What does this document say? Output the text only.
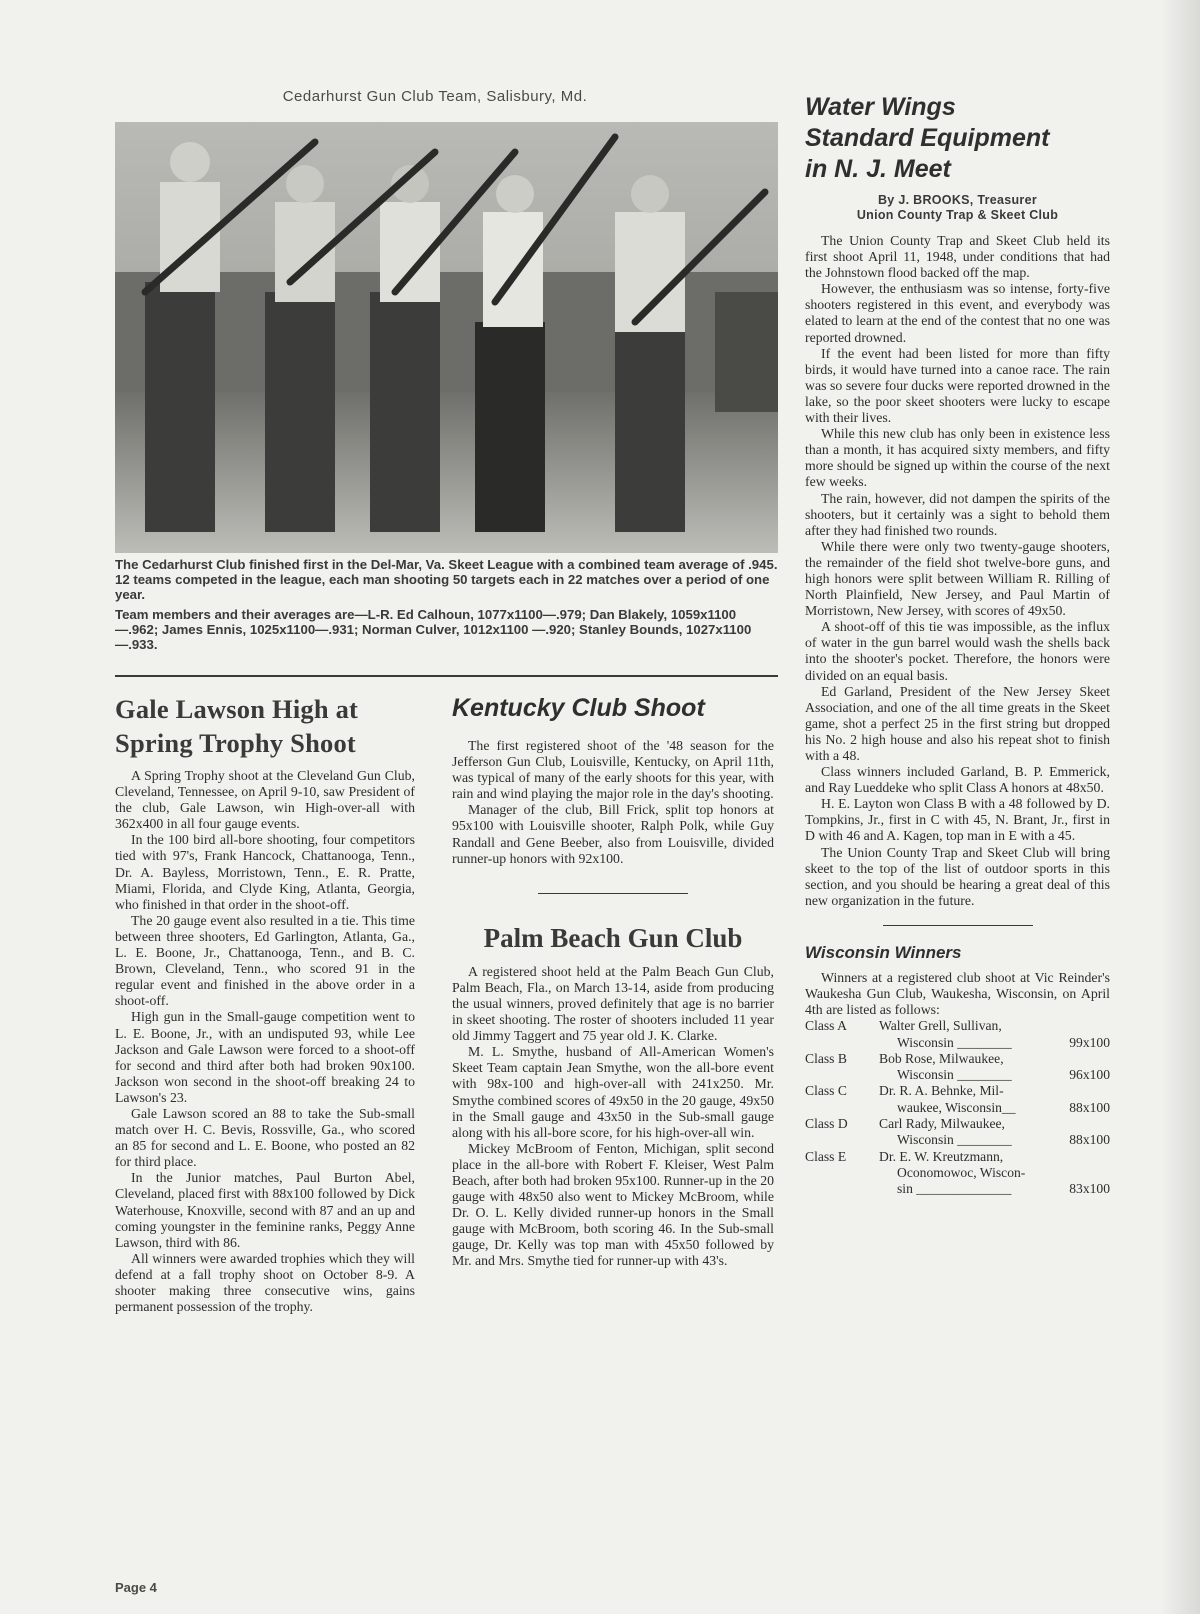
Cedarhurst Gun Club Team, Salisbury, Md.
The Cedarhurst Club finished first in the Del-Mar, Va. Skeet League with a combined team average of .945. 12 teams competed in the league, each man shooting 50 targets each in 22 matches over a period of one year.
Team members and their averages are—L-R. Ed Calhoun, 1077x1100—.979; Dan Blakely, 1059x1100—.962; James Ennis, 1025x1100—.931; Norman Culver, 1012x1100 —.920; Stanley Bounds, 1027x1100—.933.
Gale Lawson High at
Spring Trophy Shoot

A Spring Trophy shoot at the Cleveland Gun Club, Cleveland, Tennessee, on April 9-10, saw President of the club, Gale Lawson, win High-over-all with 362x400 in all four gauge events.

In the 100 bird all-bore shooting, four competitors tied with 97's, Frank Hancock, Chattanooga, Tenn., Dr. A. Bayless, Morristown, Tenn., E. R. Pratte, Miami, Florida, and Clyde King, Atlanta, Georgia, who finished in that order in the shoot-off.

The 20 gauge event also resulted in a tie. This time between three shooters, Ed Garlington, Atlanta, Ga., L. E. Boone, Jr., Chattanooga, Tenn., and B. C. Brown, Cleveland, Tenn., who scored 91 in the regular event and finished in the above order in a shoot-off.

High gun in the Small-gauge competition went to L. E. Boone, Jr., with an undisputed 93, while Lee Jackson and Gale Lawson were forced to a shoot-off for second and third after both had broken 90x100. Jackson won second in the shoot-off breaking 24 to Lawson's 23.

Gale Lawson scored an 88 to take the Sub-small match over H. C. Bevis, Rossville, Ga., who scored an 85 for second and L. E. Boone, who posted an 82 for third place.

In the Junior matches, Paul Burton Abel, Cleveland, placed first with 88x100 followed by Dick Waterhouse, Knoxville, second with 87 and an up and coming youngster in the feminine ranks, Peggy Anne Lawson, third with 86.

All winners were awarded trophies which they will defend at a fall trophy shoot on October 8-9. A shooter making three consecutive wins, gains permanent possession of the trophy.

Kentucky Club Shoot

The first registered shoot of the '48 season for the Jefferson Gun Club, Louisville, Kentucky, on April 11th, was typical of many of the early shoots for this year, with rain and wind playing the major role in the day's shooting.

Manager of the club, Bill Frick, split top honors at 95x100 with Louisville shooter, Ralph Polk, while Guy Randall and Gene Beeber, also from Louisville, divided runner-up honors with 92x100.

Palm Beach Gun Club

A registered shoot held at the Palm Beach Gun Club, Palm Beach, Fla., on March 13-14, aside from producing the usual winners, proved definitely that age is no barrier in skeet shooting. The roster of shooters included 11 year old Jimmy Taggert and 75 year old J. K. Clarke.

M. L. Smythe, husband of All-American Women's Skeet Team captain Jean Smythe, won the all-bore event with 98x-100 and high-over-all with 241x250. Mr. Smythe combined scores of 49x50 in the 20 gauge, 49x50 in the Small gauge and 43x50 in the Sub-small gauge along with his all-bore score, for his high-over-all win.

Mickey McBroom of Fenton, Michigan, split second place in the all-bore with Robert F. Kleiser, West Palm Beach, after both had broken 95x100. Runner-up in the 20 gauge with 48x50 also went to Mickey McBroom, while Dr. O. L. Kelly divided runner-up honors in the Small gauge with McBroom, both scoring 46. In the Sub-small gauge, Dr. Kelly was top man with 45x50 followed by Mr. and Mrs. Smythe tied for runner-up with 43's.

Water Wings
Standard Equipment
in N. J. Meet
By J. BROOKS, Treasurer
Union County Trap & Skeet Club

The Union County Trap and Skeet Club held its first shoot April 11, 1948, under conditions that had the Johnstown flood backed off the map.

However, the enthusiasm was so intense, forty-five shooters registered in this event, and everybody was elated to learn at the end of the contest that no one was reported drowned.

If the event had been listed for more than fifty birds, it would have turned into a canoe race. The rain was so severe four ducks were reported drowned in the lake, so the poor skeet shooters were lucky to escape with their lives.

While this new club has only been in existence less than a month, it has acquired sixty members, and fifty more should be signed up within the course of the next few weeks.

The rain, however, did not dampen the spirits of the shooters, but it certainly was a sight to behold them after they had finished two rounds.

While there were only two twenty-gauge shooters, the remainder of the field shot twelve-bore guns, and high honors were split between William R. Rilling of North Plainfield, New Jersey, and Paul Martin of Morristown, New Jersey, with scores of 49x50.

A shoot-off of this tie was impossible, as the influx of water in the gun barrel would wash the shells back into the shooter's pocket. Therefore, the honors were divided on an equal basis.

Ed Garland, President of the New Jersey Skeet Association, and one of the all time greats in the Skeet game, shot a perfect 25 in the first string but dropped his No. 2 high house and also his repeat shot to finish with a 48.

Class winners included Garland, B. P. Emmerick, and Ray Lueddeke who split Class A honors at 48x50.

H. E. Layton won Class B with a 48 followed by D. Tompkins, Jr., first in C with 45, N. Brant, Jr., first in D with 46 and A. Kagen, top man in E with a 45.

The Union County Trap and Skeet Club will bring skeet to the top of the list of outdoor sports in this section, and you should be hearing a great deal of this new organization in the future.

Wisconsin Winners

Winners at a registered club shoot at Vic Reinder's Waukesha Gun Club, Waukesha, Wisconsin, on April 4th are listed as follows:

Class A	Walter Grell, Sullivan,
Wisconsin ________	99x100
Class B	Bob Rose, Milwaukee,
Wisconsin ________	96x100
Class C	Dr. R. A. Behnke, Mil-
waukee, Wisconsin__	88x100
Class D	Carl Rady, Milwaukee,
Wisconsin ________	88x100
Class E	Dr. E. W. Kreutzmann,
Oconomowoc, Wiscon-
sin ______________	83x100
Page 4
